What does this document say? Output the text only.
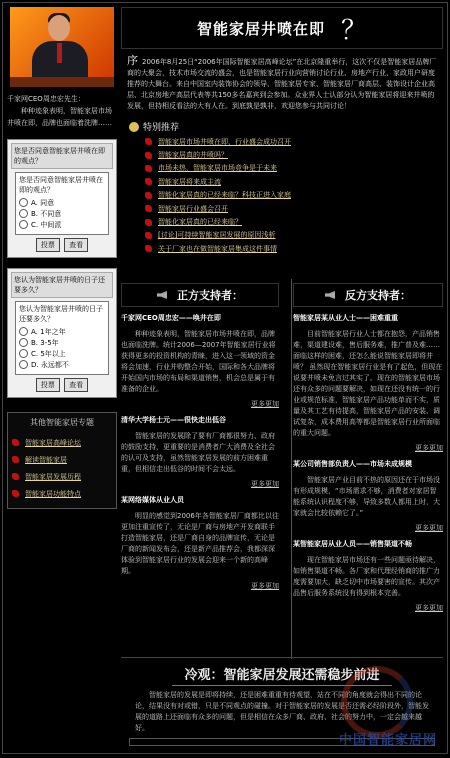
千家网CEO周忠宏先生：
　　种种迹象表明，智能家居市场井喷在即，品牌也面临着洗牌……

您是否同意智能家居井喷在即的观点？
您是否同意智能家居井喷在即的观点？
A. 同意
B. 不同意
C. 中间派
投票 查看
您认为智能家居井喷的日子还要多久？
您认为智能家居井喷的日子还要多久？
A. 1年之年
B. 3-5年
C. 5年以上
D. 永远都不
投票 查看
其他智能家居专题
智能家居高峰论坛
解读智能家居
智能家居发展历程
智能家居功能特点
智能家居井喷在即 ？
序 2006年8月25日“2006年国际智能家居高峰论坛”在北京隆重举行，这次不仅是智能家居品牌厂商的大聚会，技术市场交流的盛会，也是智能家居行业向营销讨论行业、房地产行业、家政用户研度推荐的大舞台。来自中国室内装饰协会的领导、智能家居专家、智能家居厂商高层、装饰设计企业高层、北京房地产高层代表等共150多名嘉宾到会参加。众业界人士认部分认为智能家居将迎来井喷的发展，但持相反看法的大有人在。到底孰是孰非，欢迎您参与共同讨论！
特别推荐
智能家居市场井喷在即，行业盛会成功召开
智能家居真的井喷吗？
市场未热，智能家居市场竞争是于未来
智能家居将来成主流
智能化家居真的已经来临？科技正进入家庭
智能家居行业盛会召开
智能化家居真的已经来临？
[讨论]可持续智能家居发展的原因浅析
关于厂家也在做智能家居集成这件事情
正方支持者：
千家网CEO周忠宏——唤井在即
　　种种迹象表明，智能家居市场井喷在即，品牌也面临洗牌。统计2006—2007年智能家居行业将获得更多的投资机构的青睐，进入这一领域的资金将会加速，行业并购整合开始，国际和各大品牌将开始国内市场的布局和渠道销售，机会总是属于有准备的企业。
更多更加
清华大学杨士元——很快走出低谷
　　智能家居的发展除了要有厂商都很努力、政府的鼓励支持，更重要的是消费者广大消费及全社会的认可及支持，虽然智能家居发展的前方困难重重，但相信走出低谷的时间不会太远。
更多更加
某网络媒体从业人员
　　明显的感觉到2006年各智能家居厂商都比以往更加注重宣传了，无论是厂商与房地产开发商联手打造智能家居，还是厂商自身的品牌宣传，无论是厂商的新闻发布会，还是新产品推荐会，我都深深体验到智能家居行业的发展会迎来一个新的高峰期。
更多更加
反方支持者：
智能家居某从业人士——困难重重
　　目前智能家居行业人士都在抱怨，产品销售难，渠道建设难，售后服务难，推广普及难……面临这样的困难，还怎么能说智能家居即将井喷？ 虽然现在智能家居行业是有了起色，但现在说要井喷未免言过其实了。现在的智能家居市场还有众多的问题要解决，如现在还没有统一的行业或规范标准，智能家居产品功能单而不实，质量及其工艺有待提高，智能家居产品的安装、调试复杂，成本费用高等都是智能家居行业所面临的重大问题。
更多更加
某公司销售部负责人——市场未成规模
　　智能家居产业目前不热的原因还在于市场没有形成规模，“市场需求不够，消费者对家居智能系统认识程度不够，导致多数人都用上时，大家就会比较依赖它了。”
更多更加
某智能家居从业人员——销售渠道不畅
　　现在智能家居市场还有一些问题亟待解决，如销售渠道不畅。各厂家和代理经销商的推广力度需要加大，缺乏切中市场要害的宣传。其次产品售后服务系统没有得到根本完善。
更多更加
冷观：智能家居发展还需稳步前进
　　智能家居的发展是即将持续，还是困难重重有待观望，站在不同的角度就会得出不同的论论，结果没有对或错，只是不同观点的碰撞。对于智能家居的发展是否还需必经阶段外，智能发展的道路上还面临有众多的问题，但是相信在众多厂商、政府、社会的努力中，一定会越来越好。
中国智能家居网
